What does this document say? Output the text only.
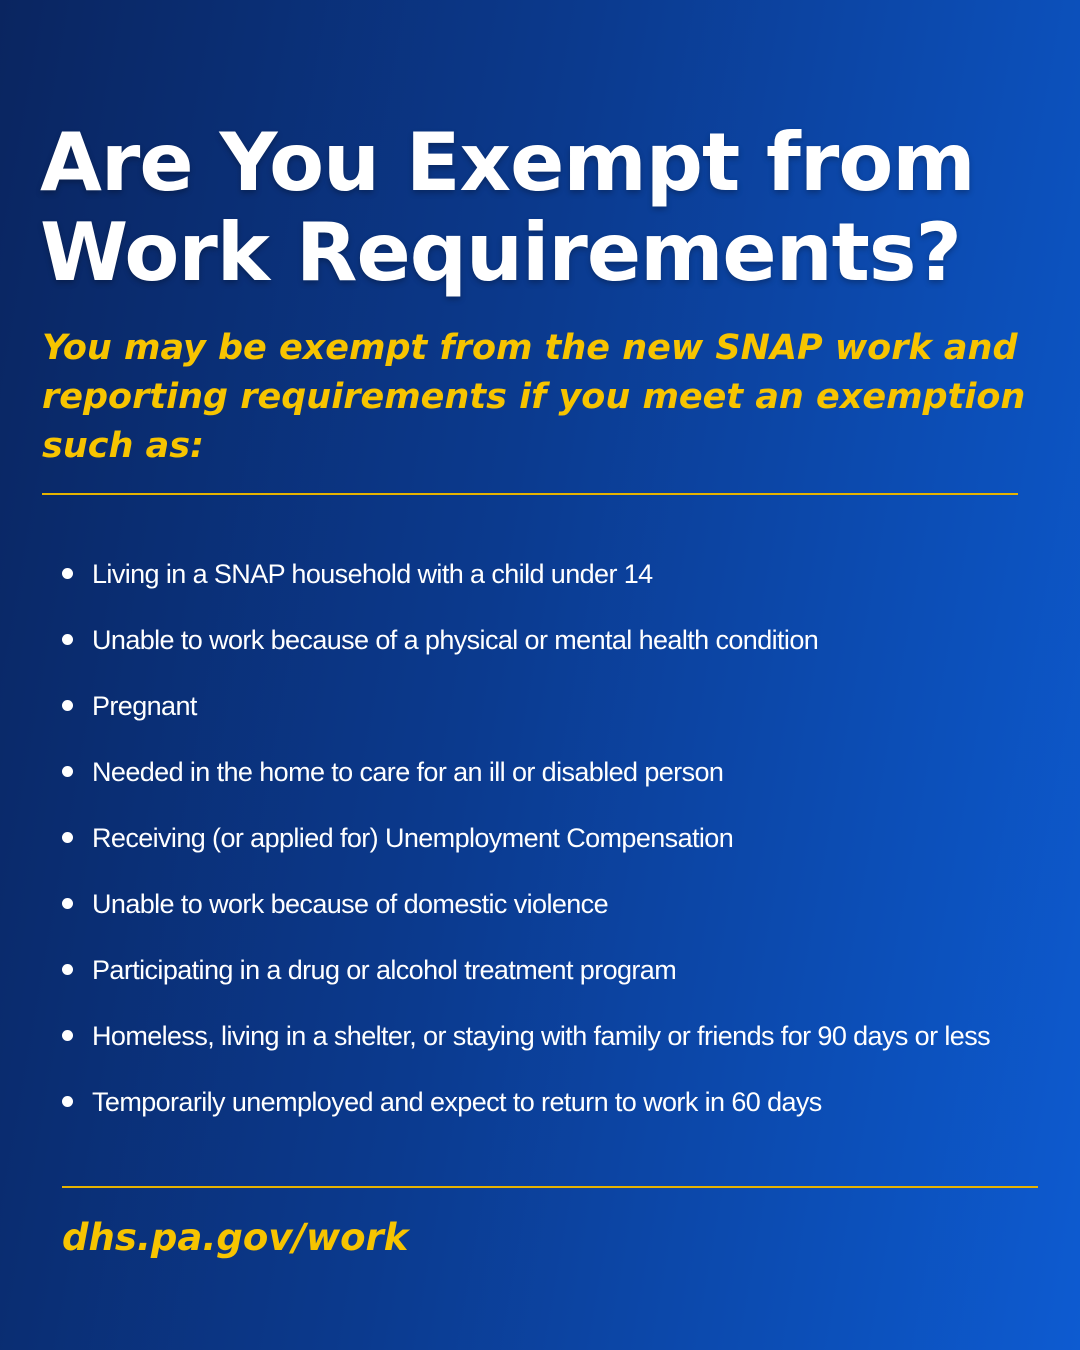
Are You Exempt from
Work Requirements?

You may be exempt from the new SNAP work and reporting requirements if you meet an exemption such as:

Living in a SNAP household with a child under 14
Unable to work because of a physical or mental health condition
Pregnant
Needed in the home to care for an ill or disabled person
Receiving (or applied for) Unemployment Compensation
Unable to work because of domestic violence
Participating in a drug or alcohol treatment program
Homeless, living in a shelter, or staying with family or friends for 90 days or less
Temporarily unemployed and expect to return to work in 60 days

dhs.pa.gov/work
